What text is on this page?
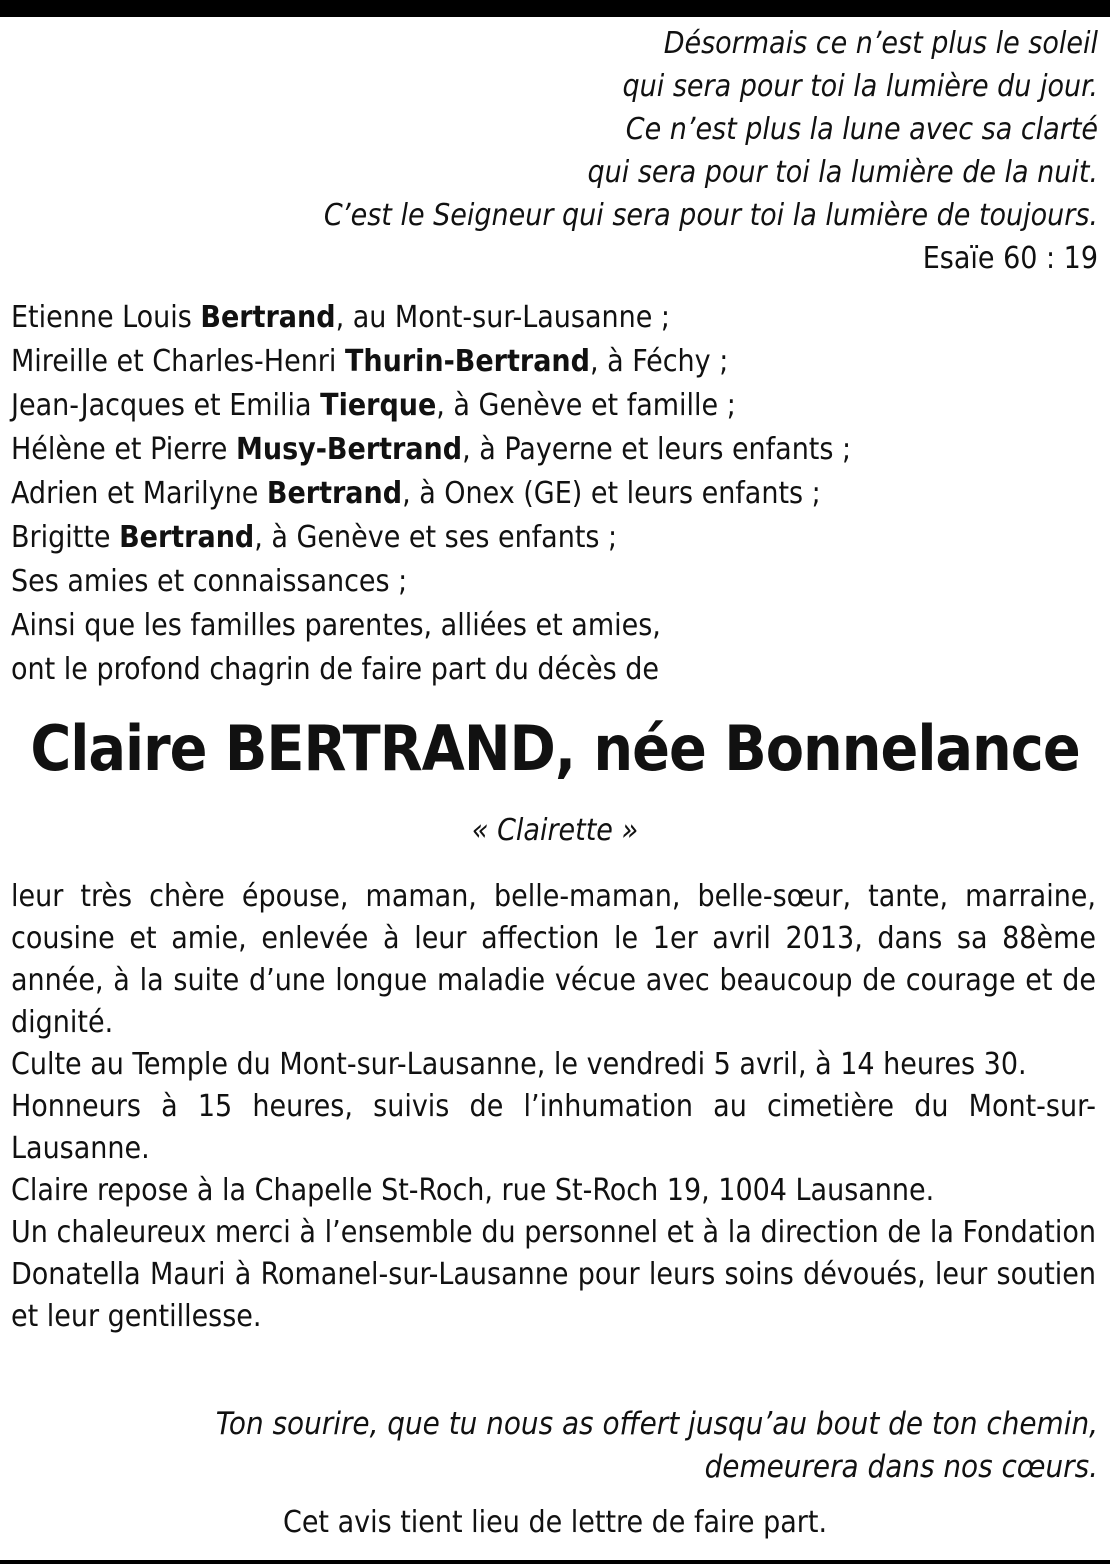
Désormais ce n’est plus le soleil
qui sera pour toi la lumière du jour.
Ce n’est plus la lune avec sa clarté
qui sera pour toi la lumière de la nuit.
C’est le Seigneur qui sera pour toi la lumière de toujours.
Esaïe 60 : 19
Etienne Louis Bertrand, au Mont-sur-Lausanne ;
Mireille et Charles-Henri Thurin-Bertrand, à Féchy ;
Jean-Jacques et Emilia Tierque, à Genève et famille ;
Hélène et Pierre Musy-Bertrand, à Payerne et leurs enfants ;
Adrien et Marilyne Bertrand, à Onex (GE) et leurs enfants ;
Brigitte Bertrand, à Genève et ses enfants ;
Ses amies et connaissances ;
Ainsi que les familles parentes, alliées et amies,
ont le profond chagrin de faire part du décès de
Claire BERTRAND, née Bonnelance
« Clairette »

leur très chère épouse, maman, belle-maman, belle-sœur, tante, marraine, cousine et amie, enlevée à leur affection le 1er avril 2013, dans sa 88ème année, à la suite d’une longue maladie vécue avec beaucoup de courage et de dignité.

Culte au Temple du Mont-sur-Lausanne, le vendredi 5 avril, à 14 heures 30.

Honneurs à 15 heures, suivis de l’inhumation au cimetière du Mont-sur-Lausanne.

Claire repose à la Chapelle St-Roch, rue St-Roch 19, 1004 Lausanne.

Un chaleureux merci à l’ensemble du personnel et à la direction de la Fondation Donatella Mauri à Romanel-sur-Lausanne pour leurs soins dévoués, leur soutien et leur gentillesse.

Ton sourire, que tu nous as offert jusqu’au bout de ton chemin,
demeurera dans nos cœurs.
Cet avis tient lieu de lettre de faire part.
